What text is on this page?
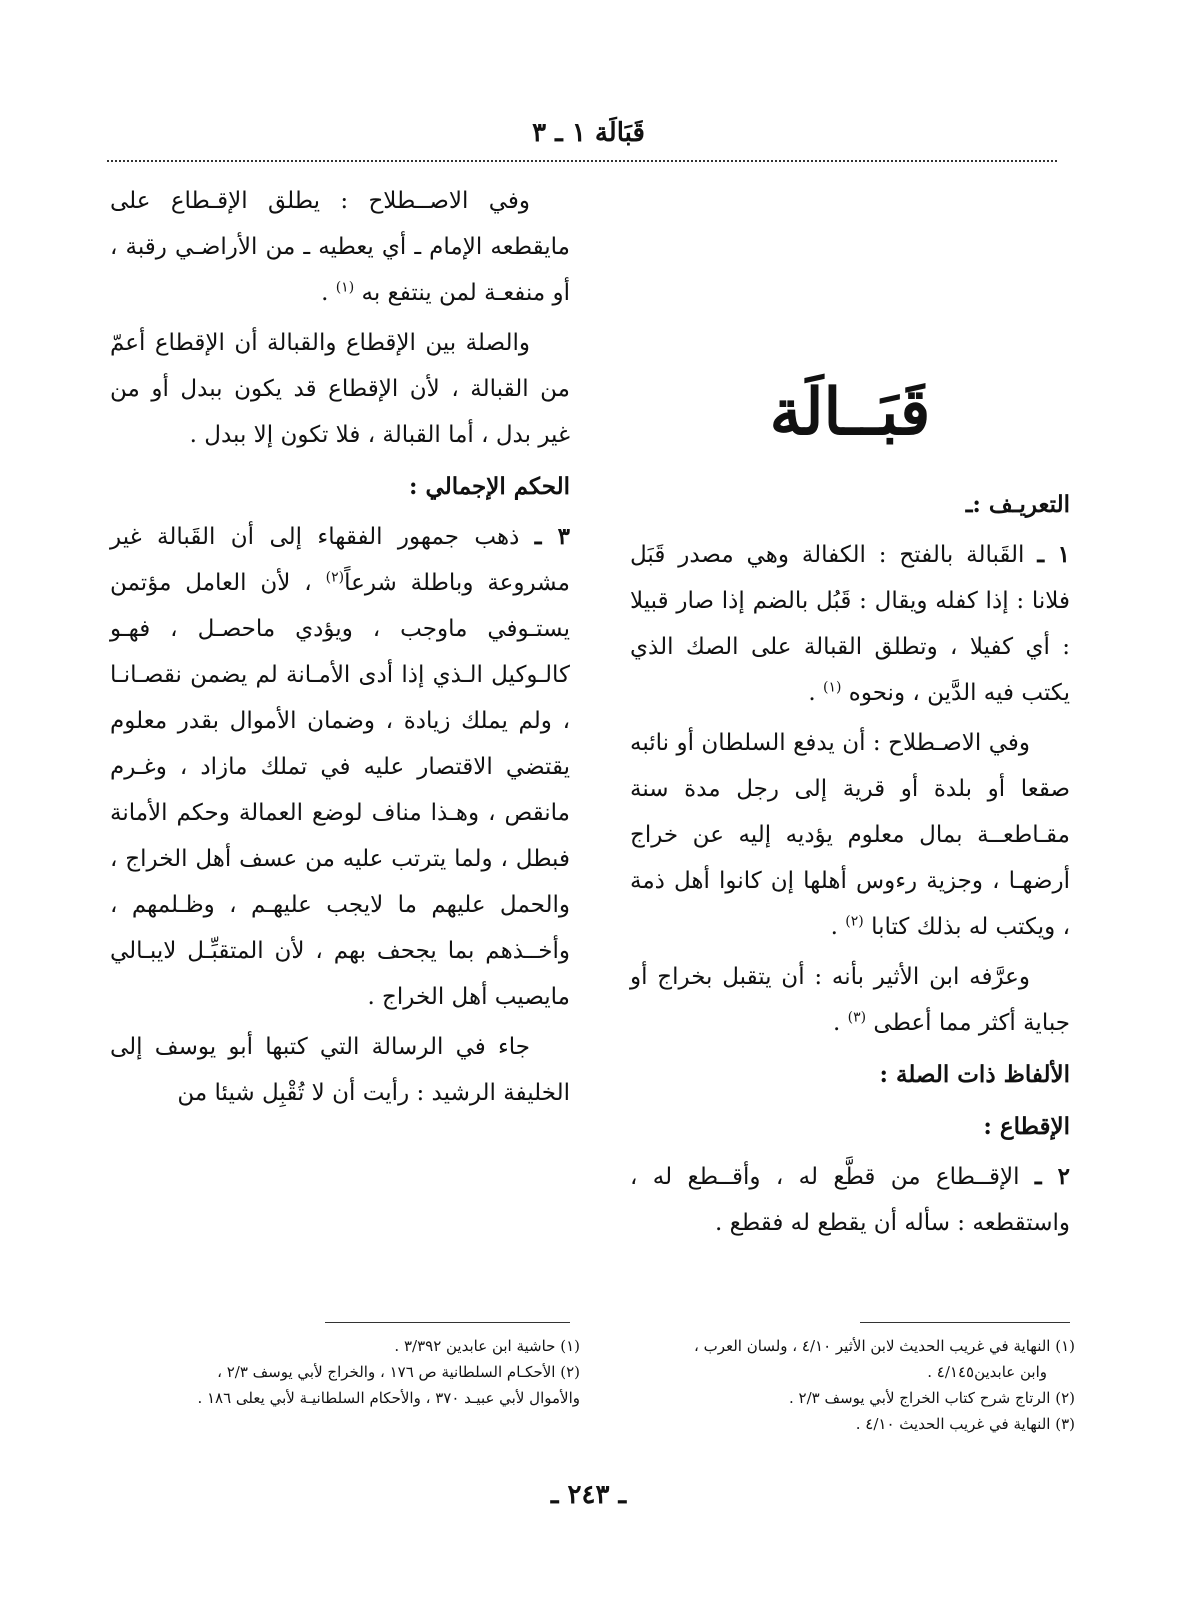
قَبَالَة ١ ـ ٣

وفي الاصــطلاح : يطلق الإقـطاع على مايقطعه الإمام ـ أي يعطيه ـ من الأراضـي رقبة ، أو منفعـة لمن ينتفع به $^{(١)}$ .

والصلة بين الإقطاع والقبالة أن الإقطاع أعمّ من القبالة ، لأن الإقطاع قد يكون ببدل أو من غير بدل ، أما القبالة ، فلا تكون إلا ببدل .

الحكم الإجمالي :

٣ ـ ذهب جمهور الفقهاء إلى أن القَبالة غير مشروعة وباطلة شرعاً$^{(٢)}$ ، لأن العامل مؤتمن يستـوفي ماوجب ، ويؤدي ماحصـل ، فهـو كالـوكيل الـذي إذا أدى الأمـانة لم يضمن نقصـانـا ، ولم يملك زيادة ، وضمان الأموال بقدر معلوم يقتضي الاقتصار عليه في تملك مازاد ، وغـرم مانقص ، وهـذا مناف لوضع العمالة وحكم الأمانة فبطل ، ولما يترتب عليه من عسف أهل الخراج ، والحمل عليهم ما لايجب عليهـم ، وظـلمهم ، وأخــذهم بما يجحف بهم ، لأن المتقبِّـل لايبـالي مايصيب أهل الخراج .

جاء في الرسالة التي كتبها أبو يوسف إلى الخليفة الرشيد : رأيت أن لا تُقْبِل شيئا من

قَبَــالَة

التعريـف :ـ

١ ـ القَبالة بالفتح : الكفالة وهي مصدر قَبَل فلانا : إذا كفله ويقال : قَبُل بالضم إذا صار قبيلا : أي كفيلا ، وتطلق القبالة على الصك الذي يكتب فيه الدَّين ، ونحوه $^{(١)}$ .

وفي الاصـطلاح : أن يدفع السلطان أو نائبه صقعا أو بلدة أو قرية إلى رجل مدة سنة مقـاطعــة بمال معلوم يؤديه إليه عن خراج أرضهـا ، وجزية رءوس أهلها إن كانوا أهل ذمة ، ويكتب له بذلك كتابا $^{(٢)}$ .

وعرَّفه ابن الأثير بأنه : أن يتقبل بخراج أو جباية أكثر مما أعطى $^{(٣)}$ .

الألفاظ ذات الصلة :

الإقطاع :

٢ ـ الإقــطاع من قطَّع له ، وأقــطع له ، واستقطعه : سأله أن يقطع له فقطع .

(١) حاشية ابن عابدين ٣/٣٩٢ .

(٢) الأحكـام السلطانية ص ١٧٦ ، والخراج لأبي يوسف ٢/٣ ،

والأموال لأبي عبيـد ٣٧٠ ، والأحكام السلطانيـة لأبي يعلى ١٨٦ .

(١) النهاية في غريب الحديث لابن الأثير ٤/١٠ ، ولسان العرب ،

وابن عابدين٤/١٤٥ .

(٢) الرتاج شرح كتاب الخراج لأبي يوسف ٢/٣ .

(٣) النهاية في غريب الحديث ٤/١٠ .

ـ ٢٤٣ ـ
